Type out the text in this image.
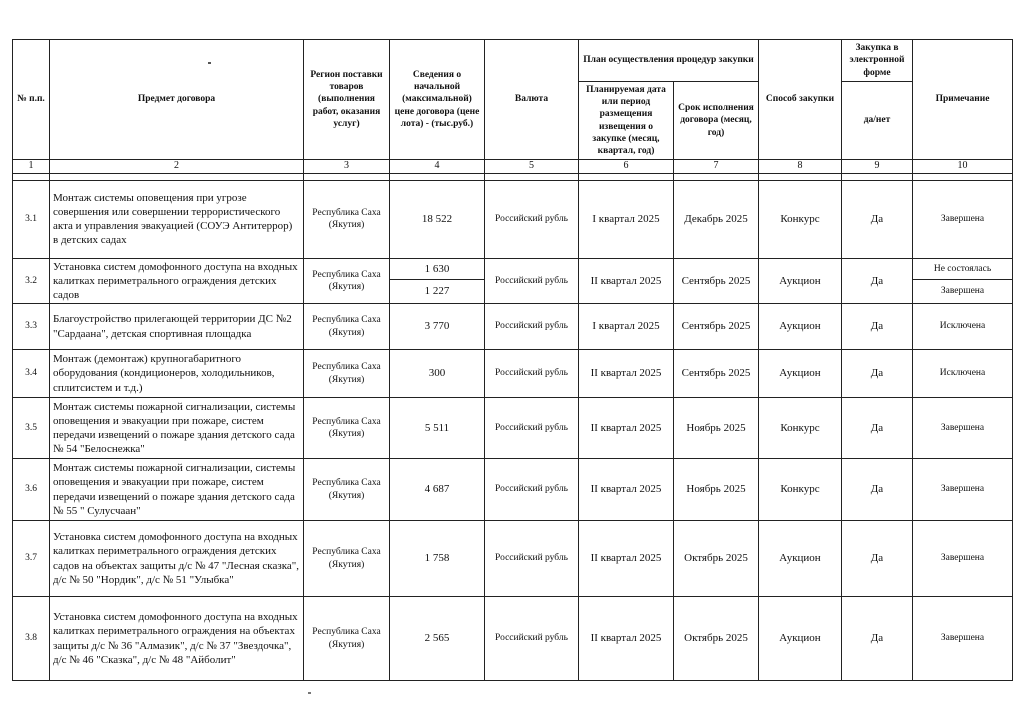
№ п.п.	Предмет договора	Регион поставки товаров (выполнения работ, оказания услуг)	Сведения о начальной (максимальной) цене договора (цене лота) - (тыс.руб.)	Валюта	План осуществления процедур закупки		Способ закупки	Закупка в электронной форме	Примечание
					Планируемая дата или период размещения извещения о закупке (месяц, квартал, год)	Срок исполнения договора (месяц, год)		да/нет	
1	2	3	4	5	6	7	8	9	10

3.1	Монтаж системы оповещения при угрозе совершения или совершении террористического акта и управления эвакуацией (СОУЭ Антитеррор) в детских садах	Республика Саха (Якутия)	18 522	Российский рубль	I квартал 2025	Декабрь 2025	Конкурс	Да	Завершена
3.2	Установка систем домофонного доступа на входных калитках периметрального ограждения детских садов	Республика Саха (Якутия)	1 630	Российский рубль	II квартал 2025	Сентябрь 2025	Аукцион	Да	Не состоялась
			1 227						Завершена
3.3	Благоустройство прилегающей территории ДС №2 "Сардаана", детская спортивная площадка	Республика Саха (Якутия)	3 770	Российский рубль	I квартал 2025	Сентябрь 2025	Аукцион	Да	Исключена
3.4	Монтаж (демонтаж) крупногабаритного оборудования (кондиционеров, холодильников, сплитсистем и т.д.)	Республика Саха (Якутия)	300	Российский рубль	II квартал 2025	Сентябрь 2025	Аукцион	Да	Исключена
3.5	Монтаж системы пожарной сигнализации, системы оповещения и эвакуации при пожаре, систем передачи извещений о пожаре здания детского сада № 54 "Белоснежка"	Республика Саха (Якутия)	5 511	Российский рубль	II квартал 2025	Ноябрь 2025	Конкурс	Да	Завершена
3.6	Монтаж системы пожарной сигнализации, системы оповещения и эвакуации при пожаре, систем передачи извещений о пожаре здания детского сада № 55 " Сулусчаан"	Республика Саха (Якутия)	4 687	Российский рубль	II квартал 2025	Ноябрь 2025	Конкурс	Да	Завершена
3.7	Установка систем домофонного доступа на входных калитках периметрального ограждения детских садов на объектах защиты д/с № 47 "Лесная сказка", д/с № 50 "Нордик", д/с № 51 "Улыбка"	Республика Саха (Якутия)	1 758	Российский рубль	II квартал 2025	Октябрь 2025	Аукцион	Да	Завершена
3.8	Установка систем домофонного доступа на входных калитках периметрального ограждения на объектах защиты д/с № 36 "Алмазик", д/с № 37 "Звездочка", д/с № 46 "Сказка", д/с № 48 "Айболит"	Республика Саха (Якутия)	2 565	Российский рубль	II квартал 2025	Октябрь 2025	Аукцион	Да	Завершена
